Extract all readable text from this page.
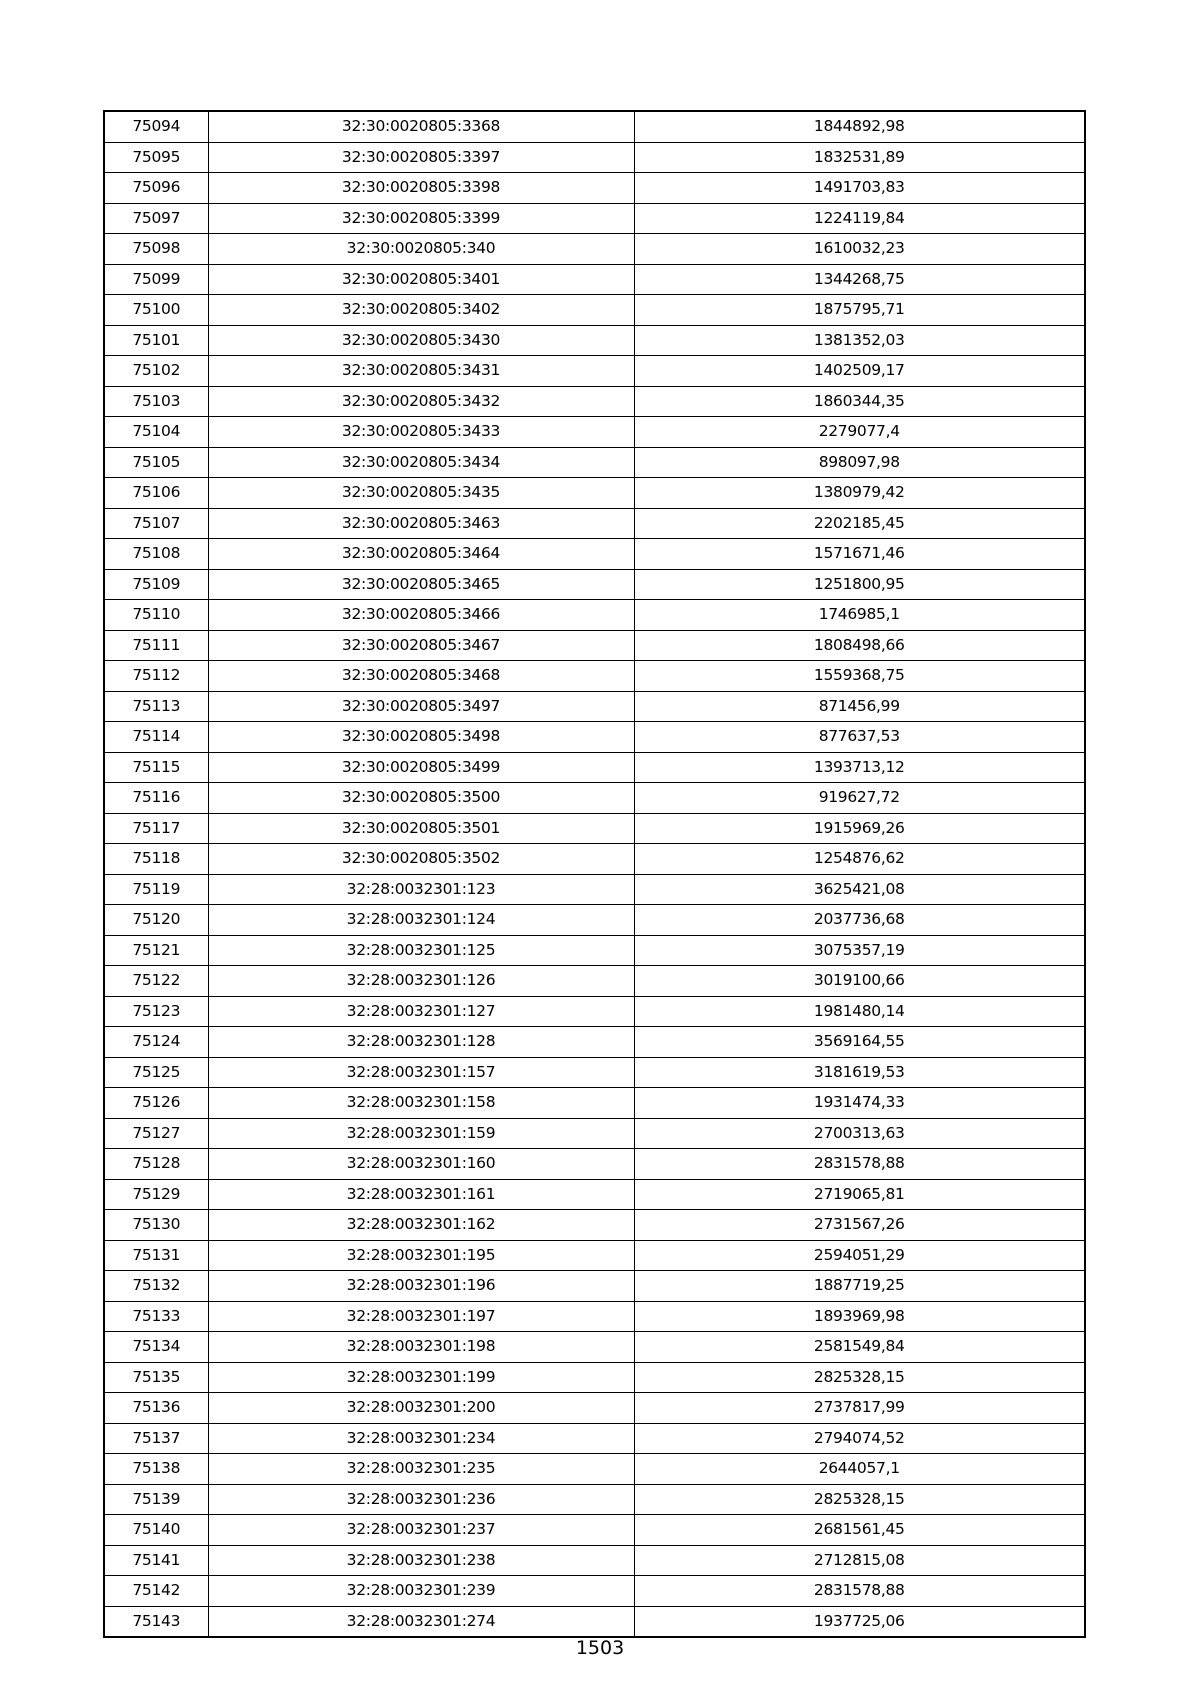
75094	32:30:0020805:3368	1844892,98
75095	32:30:0020805:3397	1832531,89
75096	32:30:0020805:3398	1491703,83
75097	32:30:0020805:3399	1224119,84
75098	32:30:0020805:340	1610032,23
75099	32:30:0020805:3401	1344268,75
75100	32:30:0020805:3402	1875795,71
75101	32:30:0020805:3430	1381352,03
75102	32:30:0020805:3431	1402509,17
75103	32:30:0020805:3432	1860344,35
75104	32:30:0020805:3433	2279077,4
75105	32:30:0020805:3434	898097,98
75106	32:30:0020805:3435	1380979,42
75107	32:30:0020805:3463	2202185,45
75108	32:30:0020805:3464	1571671,46
75109	32:30:0020805:3465	1251800,95
75110	32:30:0020805:3466	1746985,1
75111	32:30:0020805:3467	1808498,66
75112	32:30:0020805:3468	1559368,75
75113	32:30:0020805:3497	871456,99
75114	32:30:0020805:3498	877637,53
75115	32:30:0020805:3499	1393713,12
75116	32:30:0020805:3500	919627,72
75117	32:30:0020805:3501	1915969,26
75118	32:30:0020805:3502	1254876,62
75119	32:28:0032301:123	3625421,08
75120	32:28:0032301:124	2037736,68
75121	32:28:0032301:125	3075357,19
75122	32:28:0032301:126	3019100,66
75123	32:28:0032301:127	1981480,14
75124	32:28:0032301:128	3569164,55
75125	32:28:0032301:157	3181619,53
75126	32:28:0032301:158	1931474,33
75127	32:28:0032301:159	2700313,63
75128	32:28:0032301:160	2831578,88
75129	32:28:0032301:161	2719065,81
75130	32:28:0032301:162	2731567,26
75131	32:28:0032301:195	2594051,29
75132	32:28:0032301:196	1887719,25
75133	32:28:0032301:197	1893969,98
75134	32:28:0032301:198	2581549,84
75135	32:28:0032301:199	2825328,15
75136	32:28:0032301:200	2737817,99
75137	32:28:0032301:234	2794074,52
75138	32:28:0032301:235	2644057,1
75139	32:28:0032301:236	2825328,15
75140	32:28:0032301:237	2681561,45
75141	32:28:0032301:238	2712815,08
75142	32:28:0032301:239	2831578,88
75143	32:28:0032301:274	1937725,06
1503
